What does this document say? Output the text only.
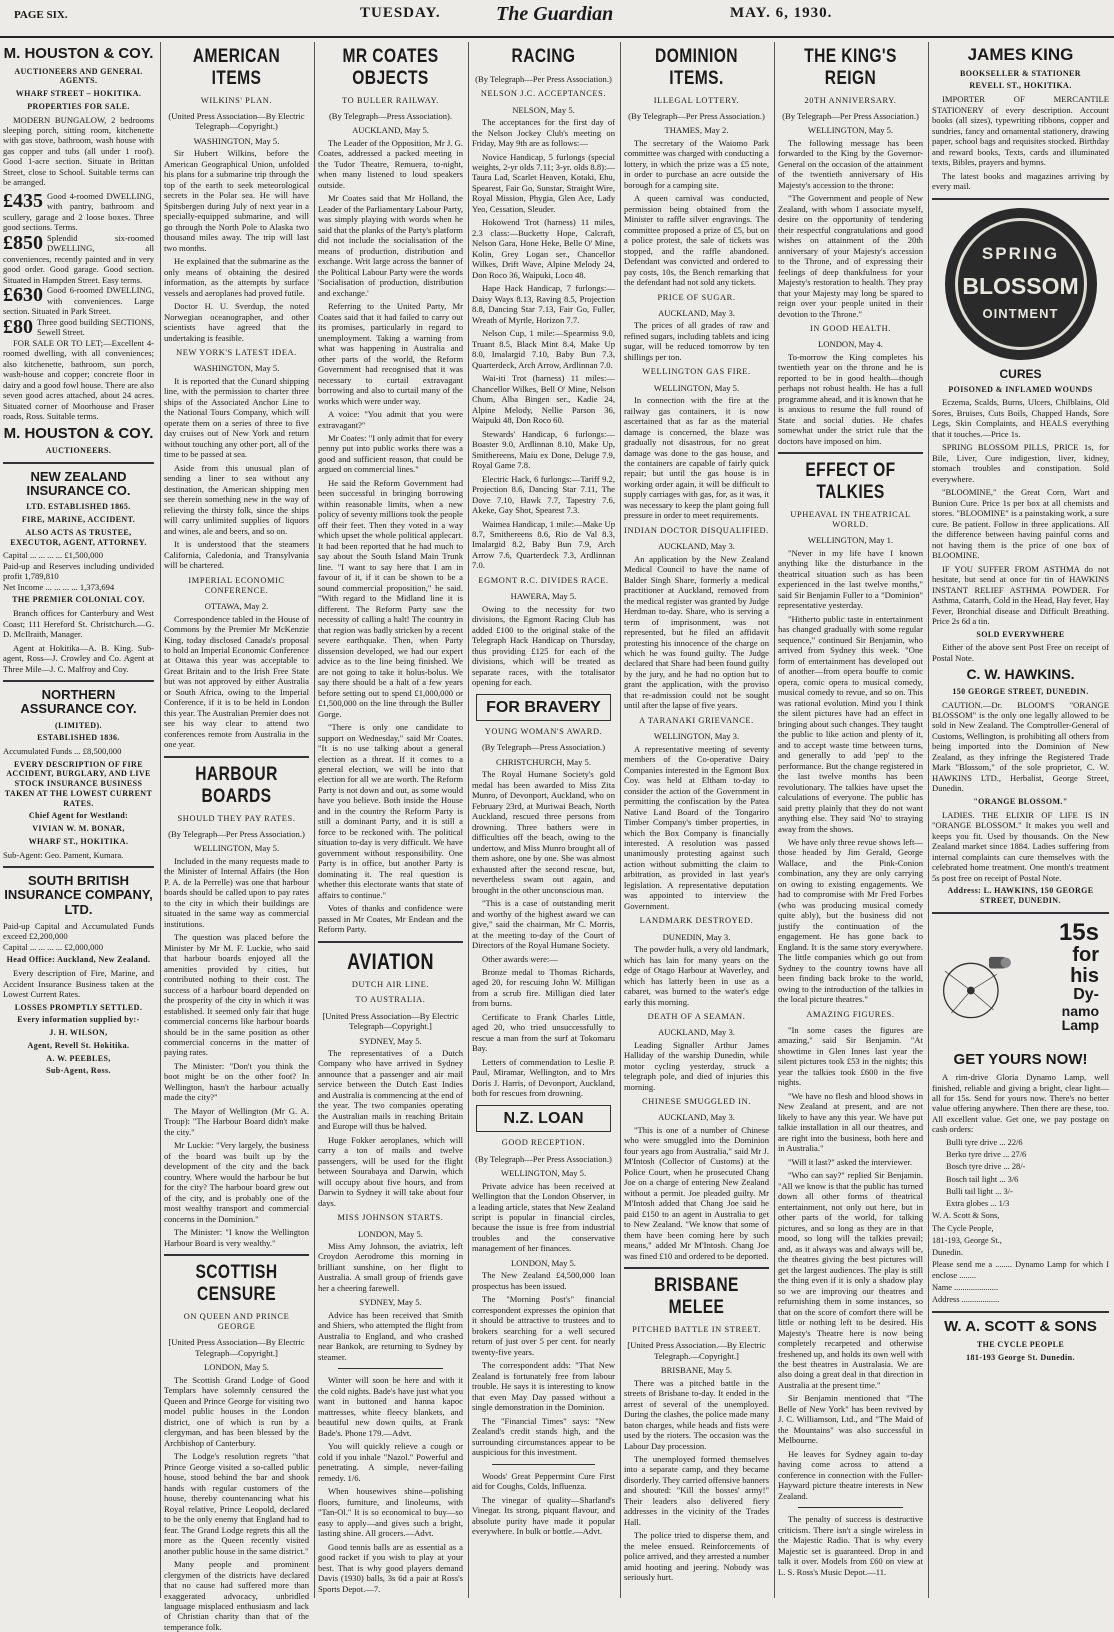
PAGE SIX.	TUESDAY.	The Guardian	MAY. 6, 1930.
M. HOUSTON & COY.
AUCTIONEERS AND GENERAL AGENTS.
WHARF STREET – HOKITIKA.
PROPERTIES FOR SALE.

MODERN BUNGALOW, 2 bedrooms sleeping porch, sitting room, kitchenette with gas stove, bathroom, wash house with gas copper and tubs (all under 1 roof). Good 1-acre section. Situate in Brittan Street, close to School. Suitable terms can be arranged.

£435 Good 4-roomed DWELLING, with pantry, bathroom and scullery, garage and 2 loose boxes. Three good sections. Terms.
£850 Splendid six-roomed DWELLING, all conveniences, recently painted and in very good order. Good garage. Good section. Situated in Hampden Street. Easy terms.
£630 Good 6-roomed DWELLING, with conveniences. Large section. Situated in Park Street.
£80 Three good building SECTIONS, Sewell Street.

FOR SALE OR TO LET;—Excellent 4-roomed dwelling, with all conveniences; also kitchenette, bathroom, sun porch, wash-house and copper; concrete floor in dairy and a good fowl house. There are also seven good acres attached, about 24 acres. Situated corner of Moorhouse and Fraser roads, Ross. Suitable terms.

M. HOUSTON & COY.
AUCTIONEERS.
NEW ZEALAND INSURANCE CO.
LTD. ESTABLISHED 1865.
FIRE, MARINE, ACCIDENT.
ALSO ACTS AS TRUSTEE, EXECUTOR, AGENT, ATTORNEY.
Capital ... ... ... ... £1,500,000
Paid-up and Reserves including undivided profit 1,789,810
Net Income ... ... ... ... 1,373,694
THE PREMIER COLONIAL COY.

Branch offices for Canterbury and West Coast; 111 Hereford St. Christchurch.—G. D. McIlraith, Manager.

Agent at Hokitika—A. B. King. Sub-agent, Ross—J. Crowley and Co. Agent at Three Mile—J. C. Malfroy and Coy.

NORTHERN ASSURANCE COY.
(LIMITED).
ESTABLISHED 1836.
Accumulated Funds ... £8,500,000
EVERY DESCRIPTION OF FIRE ACCIDENT, BURGLARY, AND LIVE STOCK INSURANCE BUSINESS TAKEN AT THE LOWEST CURRENT RATES.
Chief Agent for Westland:
VIVIAN W. M. BONAR,
WHARF ST., HOKITIKA.
Sub-Agent: Geo. Pament, Kumara.
SOUTH BRITISH INSURANCE COMPANY, LTD.
Paid-up Capital and Accumulated Funds exceed £2,200,000
Capital ... ... ... ... £2,000,000
Head Office: Auckland, New Zealand.

Every description of Fire, Marine, and Accident Insurance Business taken at the Lowest Current Rates.

LOSSES PROMPTLY SETTLED.
Every information supplied by:-
J. H. WILSON,
Agent, Revell St. Hokitika.
A. W. PEEBLES,
Sub-Agent, Ross.
AMERICAN ITEMS
WILKINS' PLAN.
(United Press Association—By Electric Telegraph—Copyright.)
WASHINGTON, May 5.

Sir Hubert Wilkins, before the American Geographical Union, unfolded his plans for a submarine trip through the top of the earth to seek meteorological secrets in the Polar sea. He will have Spitsbergen during July of next year in a specially-equipped submarine, and will go through the North Pole to Alaska two thousand miles away. The trip will last two months.

He explained that the submarine as the only means of obtaining the desired information, as the attempts by surface vessels and aeroplanes had proved futile.

Doctor H. U. Sverdup, the noted Norwegian oceanographer, and other scientists have agreed that the undertaking is feasible.

NEW YORK'S LATEST IDEA.
WASHINGTON, May 5.

It is reported that the Cunard shipping line, with the permission to charter three ships of the Associated Anchor Line to the National Tours Company, which will operate them on a series of three to five day cruises out of New York and return without touching any other port, all of the time to be passed at sea.

Aside from this unusual plan of sending a liner to sea without any destination, the American shipping men see therein something new in the way of relieving the thirsty folk, since the ships will carry unlimited supplies of liquors and wines, ale and beers, and so on.

It is understood that the steamers California, Caledonia, and Transylvania will be chartered.

IMPERIAL ECONOMIC CONFERENCE.
OTTAWA, May 2.

Correspondence tabled in the House of Commons by the Premier Mr McKenzie King, today disclosed Canada's proposal to hold an Imperial Economic Conference at Ottawa this year was acceptable to Great Britain and to the Irish Free State but was not approved by either Australia or South Africa, owing to the Imperial Conference, if it is to be held in London this year. The Australian Premier does not see his way clear to attend two conferences remote from Australia in the one year.

HARBOUR BOARDS
SHOULD THEY PAY RATES.
(By Telegraph—Per Press Association.)
WELLINGTON, May 5.

Included in the many requests made to the Minister of Internal Affairs (the Hon P. A. de la Perrelle) was one that harbour boards should be called upon to pay rates to the city in which their buildings are situated in the same way as commercial institutions.

The question was placed before the Minister by Mr M. F. Luckie, who said that harbour boards enjoyed all the amenities provided by cities, but contributed nothing to their cost. The success of a harbour board depended on the prosperity of the city in which it was established. It seemed only fair that huge commercial concerns like harbour boards should be in the same position as other commercial concerns in the matter of paying rates.

The Minister: "Don't you think the boot might be on the other foot? In Wellington, hasn't the harbour actually made the city?"

The Mayor of Wellington (Mr G. A. Troup): "The Harbour Board didn't make the city."

Mr Luckie: "Very largely, the business of the board was built up by the development of the city and the back country. Where would the harbour be but for the city? The harbour board grew out of the city, and is probably one of the most wealthy transport and commercial concerns in the Dominion."

The Minister: "I know the Wellington Harbour Board is very wealthy."

SCOTTISH CENSURE
ON QUEEN AND PRINCE GEORGE
[United Press Association—By Electric Telegraph—Copyright.]
LONDON, May 5.

The Scottish Grand Lodge of Good Templars have solemnly censured the Queen and Prince George for visiting two model public houses in the London district, one of which is run by a clergyman, and has been blessed by the Archbishop of Canterbury.

The Lodge's resolution regrets "that Prince George visited a so-called public house, stood behind the bar and shook hands with regular customers of the house, thereby countenancing what his Royal relative, Prince Leopold, declared to be the only enemy that England had to fear. The Grand Lodge regrets this all the more as the Queen recently visited another public house in the same district."

Many people and prominent clergymen of the districts have declared that no cause had suffered more than exaggerated advocacy, unbridled language misplaced enthusiasm and lack of Christian charity than that of the temperance folk.

MR COATES OBJECTS
TO BULLER RAILWAY.
(By Telegraph—Press Association).
AUCKLAND, May 5.

The Leader of the Opposition, Mr J. G. Coates, addressed a packed meeting in the Tudor Theatre, Remuera, to-night, when many listened to loud speakers outside.

Mr Coates said that Mr Holland, the Leader of the Parliamentary Labour Party, was simply playing with words when he said that the planks of the Party's platform did not include the socialisation of the means of production, distribution and exchange. Writ large across the banner of the Political Labour Party were the words 'Socialisation of production, distribution and exchange.'

Referring to the United Party, Mr Coates said that it had failed to carry out its promises, particularly in regard to unemployment. Taking a warning from what was happening in Australia and other parts of the world, the Reform Government had recognised that it was necessary to curtail extravagant borrowing and also to curtail many of the works which were under way.

A voice: "You admit that you were extravagant?"

Mr Coates: "I only admit that for every penny put into public works there was a good and sufficient reason, that could be argued on commercial lines."

He said the Reform Government had been successful in bringing borrowing within reasonable limits, when a new policy of seventy millions took the people off their feet. Then they voted in a way which upset the whole political applecart. It had been reported that he had much to say about the South Island Main Trunk line. "I want to say here that I am in favour of it, if it can be shown to be a sound commercial proposition," he said. "With regard to the Midland line it is different. The Reform Party saw the necessity of calling a halt! The country in that region was badly stricken by a recent severe earthquake. Then, when Party dissension developed, we had our expert advice as to the line being finished. We are not going to take it holus-bolus. We say there should be a halt of a few years before setting out to spend £1,000,000 or £1,500,000 on the line through the Buller Gorge.

"There is only one candidate to support on Wednesday," said Mr Coates. "It is no use talking about a general election as a threat. If it comes to a general election, we will be into that election for all we are worth. The Reform Party is not down and out, as some would have you believe. Both inside the House and in the country the Reform Party is still a dominant Party, and it is still a force to be reckoned with. The political situation to-day is very difficult. We have government without responsibility. One Party is in office, but another Party is dominating it. The real question is whether this electorate wants that state of affairs to continue."

Votes of thanks and confidence were passed in Mr Coates, Mr Endean and the Reform Party.

AVIATION
DUTCH AIR LINE.
TO AUSTRALIA.
[United Press Association—By Electric Telegraph—Copyright.]
SYDNEY, May 5.

The representatives of a Dutch Company who have arrived in Sydney announce that a passenger and air mail service between the Dutch East Indies and Australia is commencing at the end of the year. The two companies operating the Australian mails in reaching Britain and Europe will thus be halved.

Huge Fokker aeroplanes, which will carry a ton of mails and twelve passengers, will be used for the flight between Sourabaya and Darwin, which will occupy about five hours, and from Darwin to Sydney it will take about four days.

MISS JOHNSON STARTS.
LONDON, May 5.

Miss Amy Johnson, the aviatrix, left Croydon Aerodrome this morning in brilliant sunshine, on her flight to Australia. A small group of friends gave her a cheering farewell.

SYDNEY, May 5.

Advice has been received that Smith and Shiers, who attempted the flight from Australia to England, and who crashed near Bankok, are returning to Sydney by steamer.

Winter will soon be here and with it the cold nights. Bade's have just what you want in buttoned and hanna kapoc mattresses, white fleecy blankets, and beautiful new down quilts, at Frank Bade's. Phone 179.—Advt.

You will quickly relieve a cough or cold if you inhale "Nazol." Powerful and penetrating. A simple, never-failing remedy. 1/6.

When housewives shine—polishing floors, furniture, and linoleums, with "Tan-Ol." It is so economical to buy—so easy to apply—and gives such a bright, lasting shine. All grocers.—Advt.

Good tennis balls are as essential as a good racket if you wish to play at your best. That is why good players demand Davis (1930) balls, 3s 6d a pair at Ross's Sports Depot.—7.

RACING
(By Telegraph—Per Press Association.)
NELSON J.C. ACCEPTANCES.
NELSON, May 5.

The acceptances for the first day of the Nelson Jockey Club's meeting on Friday, May 9th are as follows:—

Novice Handicap, 5 furlongs (special weights, 2-yr olds 7.11; 3-yr. olds 8.8):—Taura Lad, Scarlet Heaven, Kotaki, Ehu, Spearest, Fair Go, Sunstar, Straight Wire, Royal Mission, Phygia, Glen Ace, Lady Yeo, Cessation, Sleuder.

Hokowend Trot (harness) 11 miles, 2.3 class:—Bucketty Hope, Calcraft, Nelson Gara, Hone Heke, Belle O' Mine, Kolin, Grey Logan ser., Chancellor Wilkes, Drift Wave, Alpine Melody 24, Don Roco 36, Waipuki, Loco 48.

Hape Hack Handicap, 7 furlongs:—Daisy Ways 8.13, Raving 8.5, Projection 8.8, Dancing Star 7.13, Fair Go, Fuller, Wreath of Myrtle, Horizon 7.7.

Nelson Cup, 1 mile:—Spearmiss 9.0, Truant 8.5, Black Mint 8.4, Make Up 8.0, Imalargid 7.10, Baby Bun 7.3, Quarterdeck, Arch Arrow, Ardlinnan 7.0.

Wai-iti Trot (harness) 11 miles:—Chancellor Wilkes, Bell O' Mine, Nelson Chum, Alba Bingen ser., Kadie 24, Alpine Melody, Nellie Parson 36, Waipuki 48, Don Roco 60.

Stewards' Handicap, 6 furlongs:—Boaster 9.0, Ardlinnan 8.10, Make Up, Smithereens, Maiu ex Done, Deluge 7.9, Royal Game 7.8.

Electric Hack, 6 furlongs:—Tariff 9.2, Projection 8.6, Dancing Star 7.11, The Dove 7.10, Hawk 7.7, Tapestry 7.6, Akeke, Gay Shot, Spearest 7.3.

Waimea Handicap, 1 mile:—Make Up 8.7, Smithereens 8.6, Rio de Val 8.3, Imalargid 8.2, Baby Bun 7.9, Arch Arrow 7.6, Quarterdeck 7.3, Ardlinnan 7.0.

EGMONT R.C. DIVIDES RACE.
HAWERA, May 5.

Owing to the necessity for two divisions, the Egmont Racing Club has added £100 to the original stake of the Telegraph Hack Handicap on Thursday, thus providing £125 for each of the divisions, which will be treated as separate races, with the totalisator opening for each.

FOR BRAVERY
YOUNG WOMAN'S AWARD.
(By Telegraph—Press Association.)
CHRISTCHURCH, May 5.

The Royal Humane Society's gold medal has been awarded to Miss Zita Munro, of Devonport, Auckland, who on February 23rd, at Muriwai Beach, North Auckland, rescued three persons from drowning. Three bathers were in difficulties off the beach, owing to the undertow, and Miss Munro brought all of them ashore, one by one. She was almost exhausted after the second rescue, but, nevertheless swam out again, and brought in the other unconscious man.

"This is a case of outstanding merit and worthy of the highest award we can give," said the chairman, Mr C. Morris, at the meeting to-day of the Court of Directors of the Royal Humane Society.

Other awards were:—

Bronze medal to Thomas Richards, aged 20, for rescuing John W. Milligan from a scrub fire. Milligan died later from burns.

Certificate to Frank Charles Little, aged 20, who tried unsuccessfully to rescue a man from the surf at Tokomaru Bay.

Letters of commendation to Leslie P. Paul, Miramar, Wellington, and to Mrs Doris J. Harris, of Devonport, Auckland, both for rescues from drowning.

N.Z. LOAN
GOOD RECEPTION.
(By Telegraph—Per Press Association.)
WELLINGTON, May 5.

Private advice has been received at Wellington that the London Observer, in a leading article, states that New Zealand script is popular in financial circles, because the issue is free from industrial troubles and the conservative management of her finances.

LONDON, May 5.

The New Zealand £4,500,000 loan prospectus has been issued.

The "Morning Post's" financial correspondent expresses the opinion that it should be attractive to trustees and to brokers searching for a well secured return of just over 5 per cent. for nearly twenty-five years.

The correspondent adds: "That New Zealand is fortunately free from labour trouble. He says it is interesting to know that even May Day passed without a single demonstration in the Dominion.

The "Financial Times" says: "New Zealand's credit stands high, and the surrounding circumstances appear to be auspicious for this investment.

Woods' Great Peppermint Cure First aid for Coughs, Colds, Influenza.

The vinegar of quality—Sharland's Vinegar. Its strong, piquant flavour, and absolute purity have made it popular everywhere. In bulk or bottle.—Advt.

DOMINION ITEMS.
ILLEGAL LOTTERY.
(By Telegraph—Per Press Association.)
THAMES, May 2.

The secretary of the Waiomo Park committee was charged with conducting a lottery, in which the prize was a £5 note, in order to purchase an acre outside the borough for a camping site.

A queen carnival was conducted, permission being obtained from the Minister to raffle silver engravings. The committee proposed a prize of £5, but on a police protest, the sale of tickets was stopped, and the raffle abandoned. Defendant was convicted and ordered to pay costs, 10s, the Bench remarking that the defendant had not sold any tickets.

PRICE OF SUGAR.
AUCKLAND, May 3.

The prices of all grades of raw and refined sugars, including tablets and icing sugar, will be reduced tomorrow by ten shillings per ton.

WELLINGTON GAS FIRE.
WELLINGTON, May 5.

In connection with the fire at the railway gas containers, it is now ascertained that as far as the material damage is concerned, the blaze was gradually not disastrous, for no great damage was done to the gas house, and the containers are capable of fairly quick repair; but until the gas house is in working order again, it will be difficult to supply carriages with gas, for, as it was, it was necessary to keep the plant going full pressure in order to meet requirements.

INDIAN DOCTOR DISQUALIFIED.
AUCKLAND, May 3.

An application by the New Zealand Medical Council to have the name of Balder Singh Share, formerly a medical practitioner at Auckland, removed from the medical register was granted by Judge Herdman to-day. Share, who is serving a term of imprisonment, was not represented, but he filed an affidavit protesting his innocence of the charge on which he was found guilty. The Judge declared that Share had been found guilty by the jury, and he had no option but to grant the application, with the proviso that re-admission could not be sought until after the lapse of five years.

A TARANAKI GRIEVANCE.
WELLINGTON, May 3.

A representative meeting of seventy members of the Co-operative Dairy Companies interested in the Egmont Box Coy. was held at Eltham to-day to consider the action of the Government in permitting the confiscation by the Patea Native Land Board of the Tongariro Timber Company's timber properties, in which the Box Company is financially interested. A resolution was passed unanimously protesting against such action without submitting the claim to arbitration, as provided in last year's legislation. A representative deputation was appointed to interview the Government.

LANDMARK DESTROYED.
DUNEDIN, May 3.

The powder hulk, a very old landmark, which has lain for many years on the edge of Otago Harbour at Waverley, and which has latterly been in use as a cabaret, was burned to the water's edge early this morning.

DEATH OF A SEAMAN.
AUCKLAND, May 3.

Leading Signaller Arthur James Halliday of the warship Dunedin, while motor cycling yesterday, struck a telegraph pole, and died of injuries this morning.

CHINESE SMUGGLED IN.
AUCKLAND, May 3.

"This is one of a number of Chinese who were smuggled into the Dominion four years ago from Australia," said Mr J. M'Intosh (Collector of Customs) at the Police Court, when he prosecuted Chang Joe on a charge of entering New Zealand without a permit. Joe pleaded guilty. Mr M'Intosh added that Chang Joe said he paid £150 to an agent in Australia to get to New Zealand. "We know that some of them have been coming here by such means," added Mr M'Intosh. Chang Joe was fined £10 and ordered to be deported.

BRISBANE MELEE
PITCHED BATTLE IN STREET.
[United Press Association.—By Electric Telegraph.—Copyright.]
BRISBANE, May 5.

There was a pitched battle in the streets of Brisbane to-day. It ended in the arrest of several of the unemployed. During the clashes, the police made many baton charges, while heads and fists were used by the rioters. The occasion was the Labour Day procession.

The unemployed formed themselves into a separate camp, and they became disorderly. They carried offensive banners and shouted: "Kill the bosses' army!" Their leaders also delivered fiery addresses in the vicinity of the Trades Hall.

The police tried to disperse them, and the melee ensued. Reinforcements of police arrived, and they arrested a number amid hooting and jeering. Nobody was seriously hurt.

THE KING'S REIGN
20TH ANNIVERSARY.
(By Telegraph—Per Press Association.)
WELLINGTON, May 5.

The following message has been forwarded to the King by the Governor-General on the occasion of the attainment of the twentieth anniversary of His Majesty's accession to the throne:

"The Government and people of New Zealand, with whom I associate myself, desire on the opportunity of tendering their respectful congratulations and good wishes on attainment of the 20th anniversary of your Majesty's accession to the Throne, and of expressing their feelings of deep thankfulness for your Majesty's restoration to health. They pray that your Majesty may long be spared to reign over your people united in their devotion to the Throne."

IN GOOD HEALTH.
LONDON, May 4.

To-morrow the King completes his twentieth year on the throne and he is reported to be in good health—though perhaps not robust health. He has a full programme ahead, and it is known that he is anxious to resume the full round of State and social duties. He chafes somewhat under the strict rule that the doctors have imposed on him.

EFFECT OF TALKIES
UPHEAVAL IN THEATRICAL WORLD.
WELLINGTON, May 1.

"Never in my life have I known anything like the disturbance in the theatrical situation such as has been experienced in the last twelve months," said Sir Benjamin Fuller to a "Dominion" representative yesterday.

"Hitherto public taste in entertainment has changed gradually with some regular sequence," continued Sir Benjamin, who arrived from Sydney this week. "One form of entertainment has developed out of another—from opera bouffe to comic opera, comic opera to musical comedy, musical comedy to revue, and so on. This was rational evolution. Mind you I think the silent pictures have had an effect in bringing about such changes. They taught the public to like action and plenty of it, and to accept waste time between turns, and generally to add 'pep' to the performance. But the change registered in the last twelve months has been revolutionary. The talkies have upset the calculations of everyone. The public has said pretty plainly that they do not want anything else. They said 'No' to straying away from the shows.

We have only three revue shows left—those headed by Jim Gerald, George Wallace, and the Pink-Conion combination, any they are only carrying on owing to existing engagements. We had to compromise with Mr Fred Forbes (who was producing musical comedy quite ably), but the business did not justify the continuation of the engagement. He has gone back to England. It is the same story everywhere. The little companies which go out from Sydney to the country towns have all been finding back broke to the world, owing to the introduction of the talkies in the local picture theatres."

AMAZING FIGURES.

"In some cases the figures are amazing," said Sir Benjamin. "At showtime in Glen Innes last year the silent pictures took £53 in the nights; this year the talkies took £600 in the five nights.

"We have no flesh and blood shows in New Zealand at present, and are not likely to have any this year. We have put talkie installation in all our theatres, and are right into the business, both here and in Australia."

"Will it last?" asked the interviewer.

"Who can say?" replied Sir Benjamin. "All we know is that the public has turned down all other forms of theatrical entertainment, not only out here, but in other parts of the world, for talking pictures, and so long as they are in that mood, so long will the talkies prevail; and, as it always was and always will be, the theatres giving the best pictures will get the largest audiences. The play is still the thing even if it is only a shadow play so we are improving our theatres and refurnishing them in some instances, so that on the score of comfort there will be little or nothing left to be desired. His Majesty's Theatre here is now being completely recarpeted and otherwise freshened up, and holds its own well with the best theatres in Australasia. We are also doing a great deal in that direction in Australia at the present time."

Sir Benjamin mentioned that "The Belle of New York" has been revived by J. C. Williamson, Ltd., and "The Maid of the Mountains" was also successful in Melbourne.

He leaves for Sydney again to-day having come across to attend a conference in connection with the Fuller-Hayward picture theatre interests in New Zealand.

The penalty of success is destructive criticism. There isn't a single wireless in the Majestic Radio. That is why every Majestic set is guaranteed. Drop in and talk it over. Models from £60 on view at L. S. Ross's Music Depot.—11.

JAMES KING
BOOKSELLER & STATIONER
REVELL ST., HOKITIKA.

IMPORTER OF MERCANTILE STATIONERY of every description. Account books (all sizes), typewriting ribbons, copper and sundries, fancy and ornamental stationery, drawing paper, school bags and requisites stocked. Birthday and reward books, Texts, cards and illuminated texts, Bibles, prayers and hymns.

The latest books and magazines arriving by every mail.

SPRING
BLOSSOM
OINTMENT
CURES
POISONED & INFLAMED WOUNDS

Eczema, Scalds, Burns, Ulcers, Chilblains, Old Sores, Bruises, Cuts Boils, Chapped Hands, Sore Legs, Skin Complaints, and HEALS everything that it touches.—Price 1s.

SPRING BLOSSOM PILLS, PRICE 1s, for Bile, Liver, Cure indigestion, liver, kidney, stomach troubles and constipation. Sold everywhere.

"BLOOMINE," the Great Corn, Wart and Bunion Cure. Price 1s per box at all chemists and stores. "BLOOMINE" is a painstaking work, a sure cure. Be patient. Follow in three applications. All the difference between having painful corns and not having them is the price of one box of BLOOMINE.

IF YOU SUFFER FROM ASTHMA do not hesitate, but send at once for tin of HAWKINS INSTANT RELIEF ASTHMA POWDER. For Asthma, Catarrh, Cold in the Head, Hay fever, Hay Fever, Bronchial disease and Difficult Breathing. Price 2s 6d a tin.

SOLD EVERYWHERE

Either of the above sent Post Free on receipt of Postal Note.

C. W. HAWKINS.
150 GEORGE STREET, DUNEDIN.

CAUTION.—Dr. BLOOM'S "ORANGE BLOSSOM" is the only one legally allowed to be sold in New Zealand. The Comptroller-General of Customs, Wellington, is prohibiting all others from being imported into the Dominion of New Zealand, as they infringe the Registered Trade Mark "Blossom," of the sole proprietor, C. W. HAWKINS LTD., Herbalist, George Street, Dunedin.

"ORANGE BLOSSOM."

LADIES. THE ELIXIR OF LIFE IS IN "ORANGE BLOSSOM." It makes you well and keeps you fit. Used by thousands. On the New Zealand market since 1884. Ladies suffering from internal complaints can cure themselves with the celebrated home treatment. One month's treatment 5s post free on receipt of Postal Note.

Address: L. HAWKINS, 150 GEORGE STREET, DUNEDIN.
15s
for
his
Dy-
namo
Lamp
GET YOURS NOW!

A rim-drive Gloria Dynamo Lamp, well finished, reliable and giving a bright, clear light—all for 15s. Send for yours now. There's no better value offering anywhere. Then there are these, too. All excellent value. Get one, we pay postage on cash orders:

Bulli tyre drive ... 22/6
Berko tyre drive ... 27/6
Bosch tyre drive ... 28/-
Bosch tail light ... 3/6
Bulli tail light ... 3/-
Extra globes ... 1/3
W. A. Scott & Sons,
The Cycle People,
181-193, George St.,
Dunedin.
Please send me a ........ Dynamo Lamp for which I enclose ........
Name .....................
Address ..................
W. A. SCOTT & SONS
THE CYCLE PEOPLE
181-193 George St. Dunedin.
